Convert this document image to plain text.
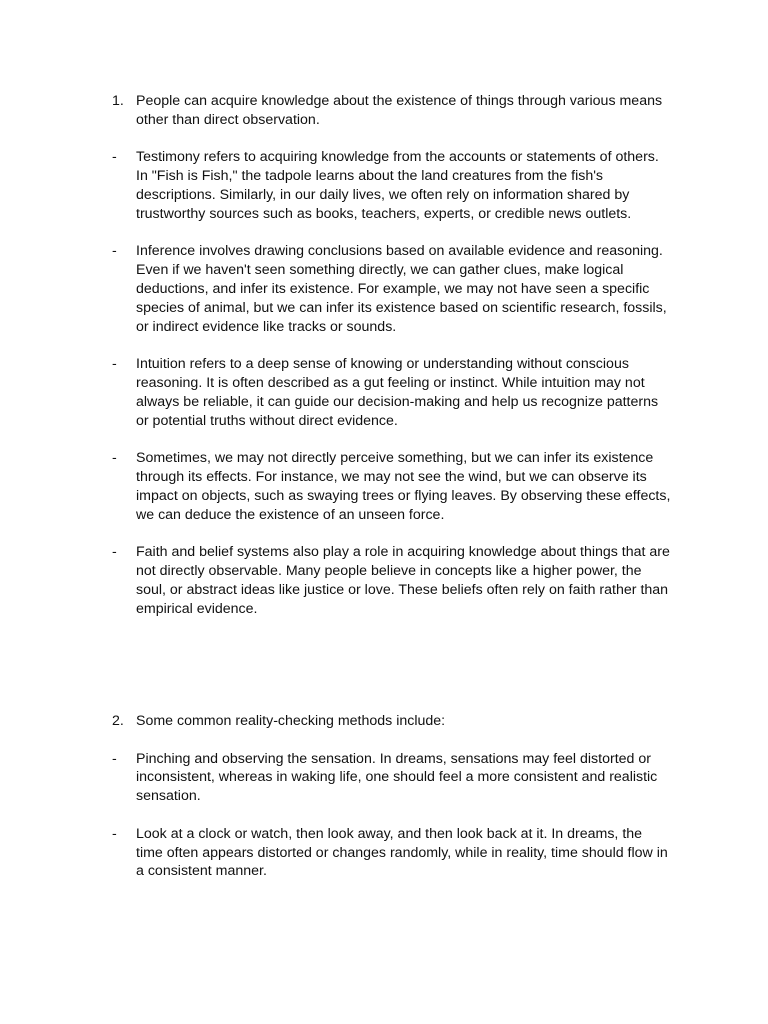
1. People can acquire knowledge about the existence of things through various means other than direct observation.
-	Testimony refers to acquiring knowledge from the accounts or statements of others. In "Fish is Fish," the tadpole learns about the land creatures from the fish's descriptions. Similarly, in our daily lives, we often rely on information shared by trustworthy sources such as books, teachers, experts, or credible news outlets.
-	Inference involves drawing conclusions based on available evidence and reasoning. Even if we haven't seen something directly, we can gather clues, make logical deductions, and infer its existence. For example, we may not have seen a specific species of animal, but we can infer its existence based on scientific research, fossils, or indirect evidence like tracks or sounds.
-	Intuition refers to a deep sense of knowing or understanding without conscious reasoning. It is often described as a gut feeling or instinct. While intuition may not always be reliable, it can guide our decision-making and help us recognize patterns or potential truths without direct evidence.
-	Sometimes, we may not directly perceive something, but we can infer its existence through its effects. For instance, we may not see the wind, but we can observe its impact on objects, such as swaying trees or flying leaves. By observing these effects, we can deduce the existence of an unseen force.
-	Faith and belief systems also play a role in acquiring knowledge about things that are not directly observable. Many people believe in concepts like a higher power, the soul, or abstract ideas like justice or love. These beliefs often rely on faith rather than empirical evidence.
2. Some common reality-checking methods include:
-	Pinching and observing the sensation. In dreams, sensations may feel distorted or inconsistent, whereas in waking life, one should feel a more consistent and realistic sensation.
-	Look at a clock or watch, then look away, and then look back at it. In dreams, the time often appears distorted or changes randomly, while in reality, time should flow in a consistent manner.
